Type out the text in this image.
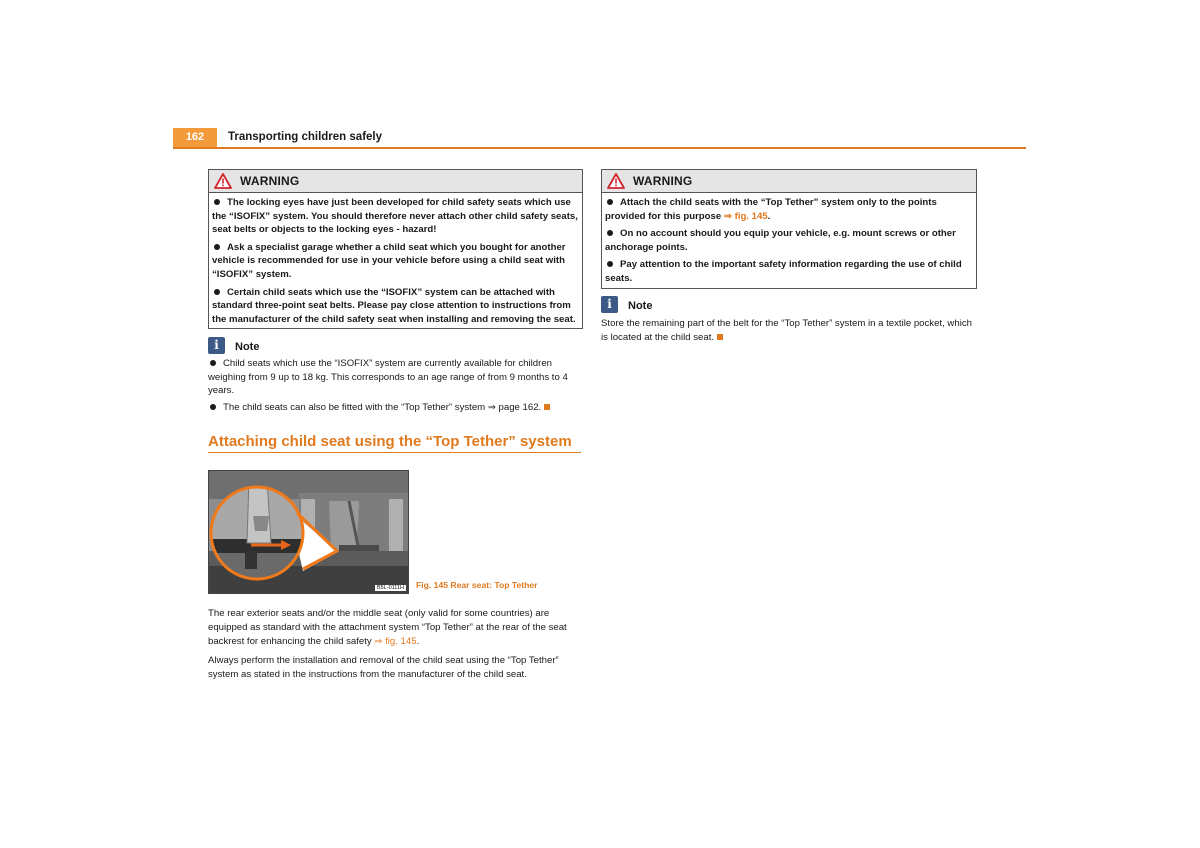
162	Transporting children safely
WARNING

The locking eyes have just been developed for child safety seats which use the “ISOFIX” system. You should therefore never attach other child safety seats, seat belts or objects to the locking eyes - hazard!

Ask a specialist garage whether a child seat which you bought for another vehicle is recommended for use in your vehicle before using a child seat with “ISOFIX” system.

Certain child seats which use the “ISOFIX” system can be attached with standard three-point seat belts. Please pay close attention to instructions from the manufacturer of the child safety seat when installing and removing the seat.

i	Note

Child seats which use the “ISOFIX” system are currently available for children weighing from 9 up to 18 kg. This corresponds to an age range of from 9 months to 4 years.

The child seats can also be fitted with the “Top Tether” system ⇒ page 162.

Attaching child seat using the “Top Tether” system
B5L-0111H Fig. 145 Rear seat: Top Tether

The rear exterior seats and/or the middle seat (only valid for some countries) are equipped as standard with the attachment system “Top Tether” at the rear of the seat backrest for enhancing the child safety ⇒ fig. 145.

Always perform the installation and removal of the child seat using the “Top Tether” system as stated in the instructions from the manufacturer of the child seat.

WARNING

Attach the child seats with the “Top Tether” system only to the points provided for this purpose ⇒ fig. 145.

On no account should you equip your vehicle, e.g. mount screws or other anchorage points.

Pay attention to the important safety information regarding the use of child seats.

i	Note

Store the remaining part of the belt for the “Top Tether” system in a textile pocket, which is located at the child seat.
